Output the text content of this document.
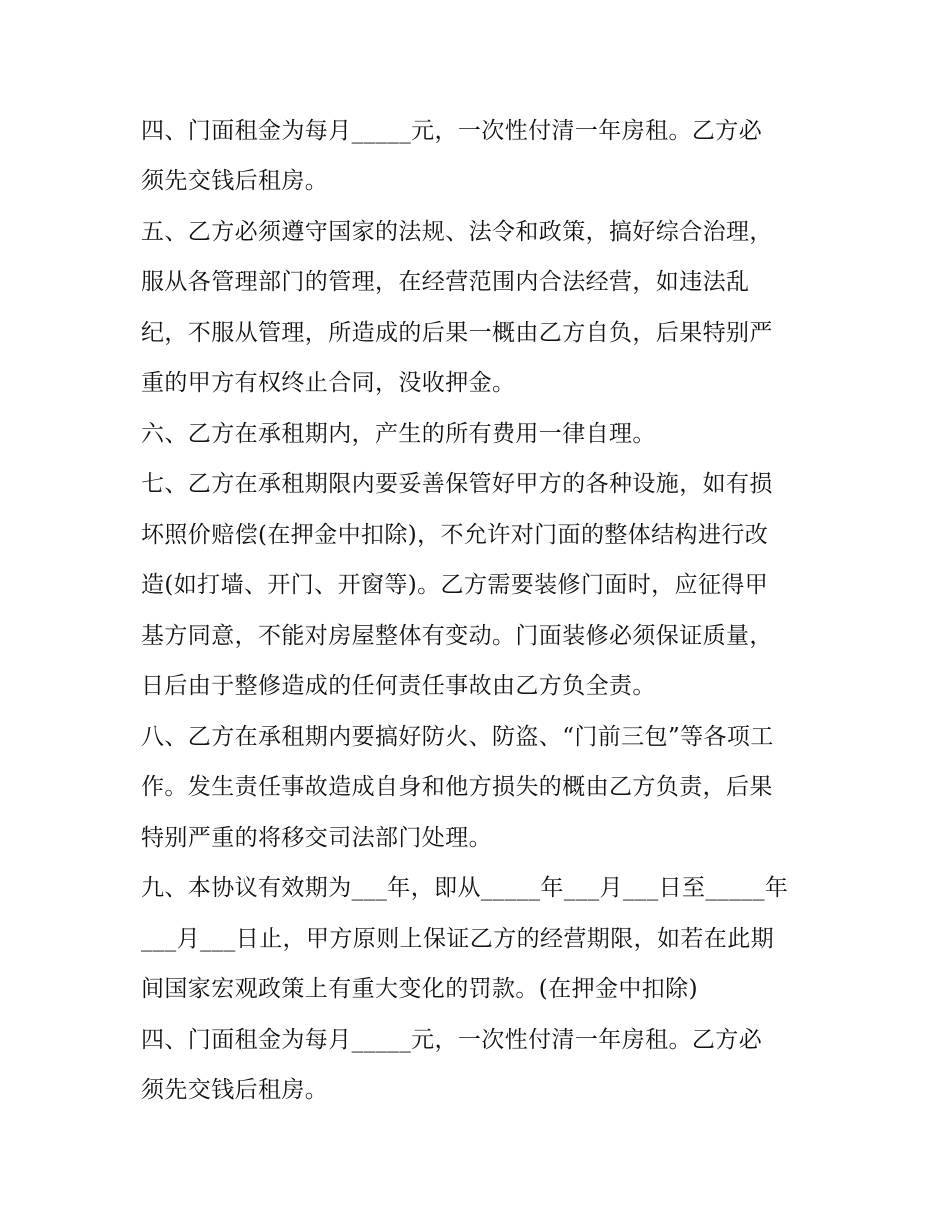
四、门面租金为每月_____元，一次性付清一年房租。乙方必
须先交钱后租房。
五、乙方必须遵守国家的法规、法令和政策，搞好综合治理，
服从各管理部门的管理，在经营范围内合法经营，如违法乱
纪，不服从管理，所造成的后果一概由乙方自负，后果特别严
重的甲方有权终止合同，没收押金。
六、乙方在承租期内，产生的所有费用一律自理。
七、乙方在承租期限内要妥善保管好甲方的各种设施，如有损
坏照价赔偿(在押金中扣除)，不允许对门面的整体结构进行改
造(如打墙、开门、开窗等)。乙方需要装修门面时，应征得甲
基方同意，不能对房屋整体有变动。门面装修必须保证质量，
日后由于整修造成的任何责任事故由乙方负全责。
八、乙方在承租期内要搞好防火、防盗、“门前三包”等各项工
作。发生责任事故造成自身和他方损失的概由乙方负责，后果
特别严重的将移交司法部门处理。
九、本协议有效期为___年，即从_____年___月___日至_____年
___月___日止，甲方原则上保证乙方的经营期限，如若在此期
间国家宏观政策上有重大变化的罚款。(在押金中扣除)
四、门面租金为每月_____元，一次性付清一年房租。乙方必
须先交钱后租房。
